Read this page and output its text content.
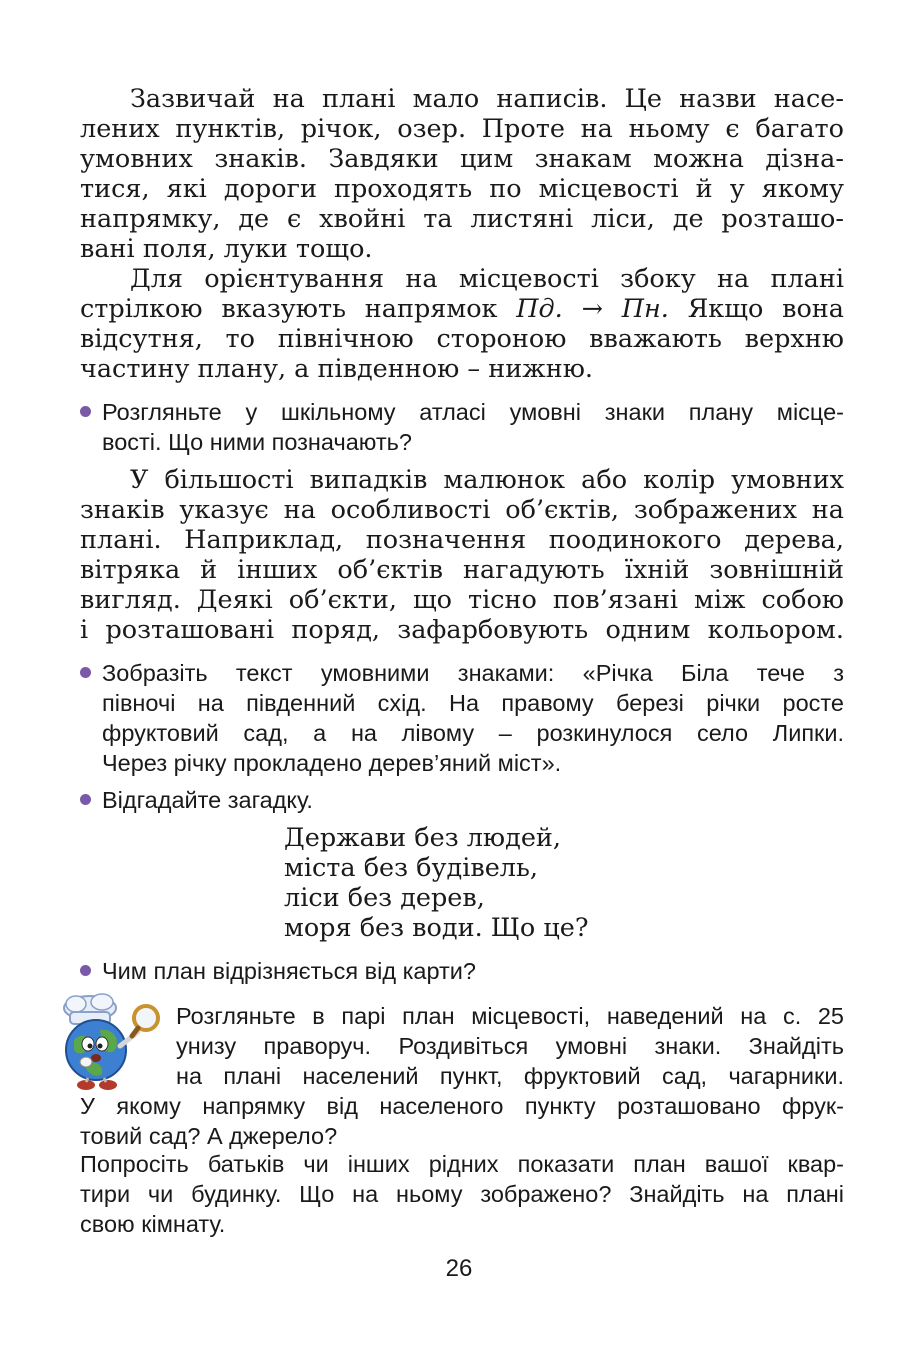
Зазвичай на плані мало написів. Це назви насе-
лених пунктів, річок, озер. Проте на ньому є багато
умовних знаків. Завдяки цим знакам можна дізна-
тися, які дороги проходять по місцевості й у якому
напрямку, де є хвойні та листяні ліси, де розташо-
вані поля, луки тощо.
Для орієнтування на місцевості збоку на плані
стрілкою вказують напрямок Пд. → Пн. Якщо вона
відсутня, то північною стороною вважають верхню
частину плану, а південною – нижню.
Розгляньте у шкільному атласі умовні знаки плану місце-
вості. Що ними позначають?
У більшості випадків малюнок або колір умовних
знаків указує на особливості об’єктів, зображених на
плані. Наприклад, позначення поодинокого дерева,
вітряка й інших об’єктів нагадують їхній зовнішній
вигляд. Деякі об’єкти, що тісно пов’язані між собою
і розташовані поряд, зафарбовують одним кольором.
Зобразіть текст умовними знаками: «Річка Біла тече з
півночі на південний схід. На правому березі річки росте
фруктовий сад, а на лівому – розкинулося село Липки.
Через річку прокладено дерев’яний міст».
Відгадайте загадку.
Держави без людей,
міста без будівель,
ліси без дерев,
моря без води. Що це?
Чим план відрізняється від карти?
Розгляньте в парі план місцевості, наведений на с. 25
унизу праворуч. Роздивіться умовні знаки. Знайдіть
на плані населений пункт, фруктовий сад, чагарники.
У якому напрямку від населеного пункту розташовано фрук-
товий сад? А джерело?
Попросіть батьків чи інших рідних показати план вашої квар-
тири чи будинку. Що на ньому зображено? Знайдіть на плані
свою кімнату.
26
